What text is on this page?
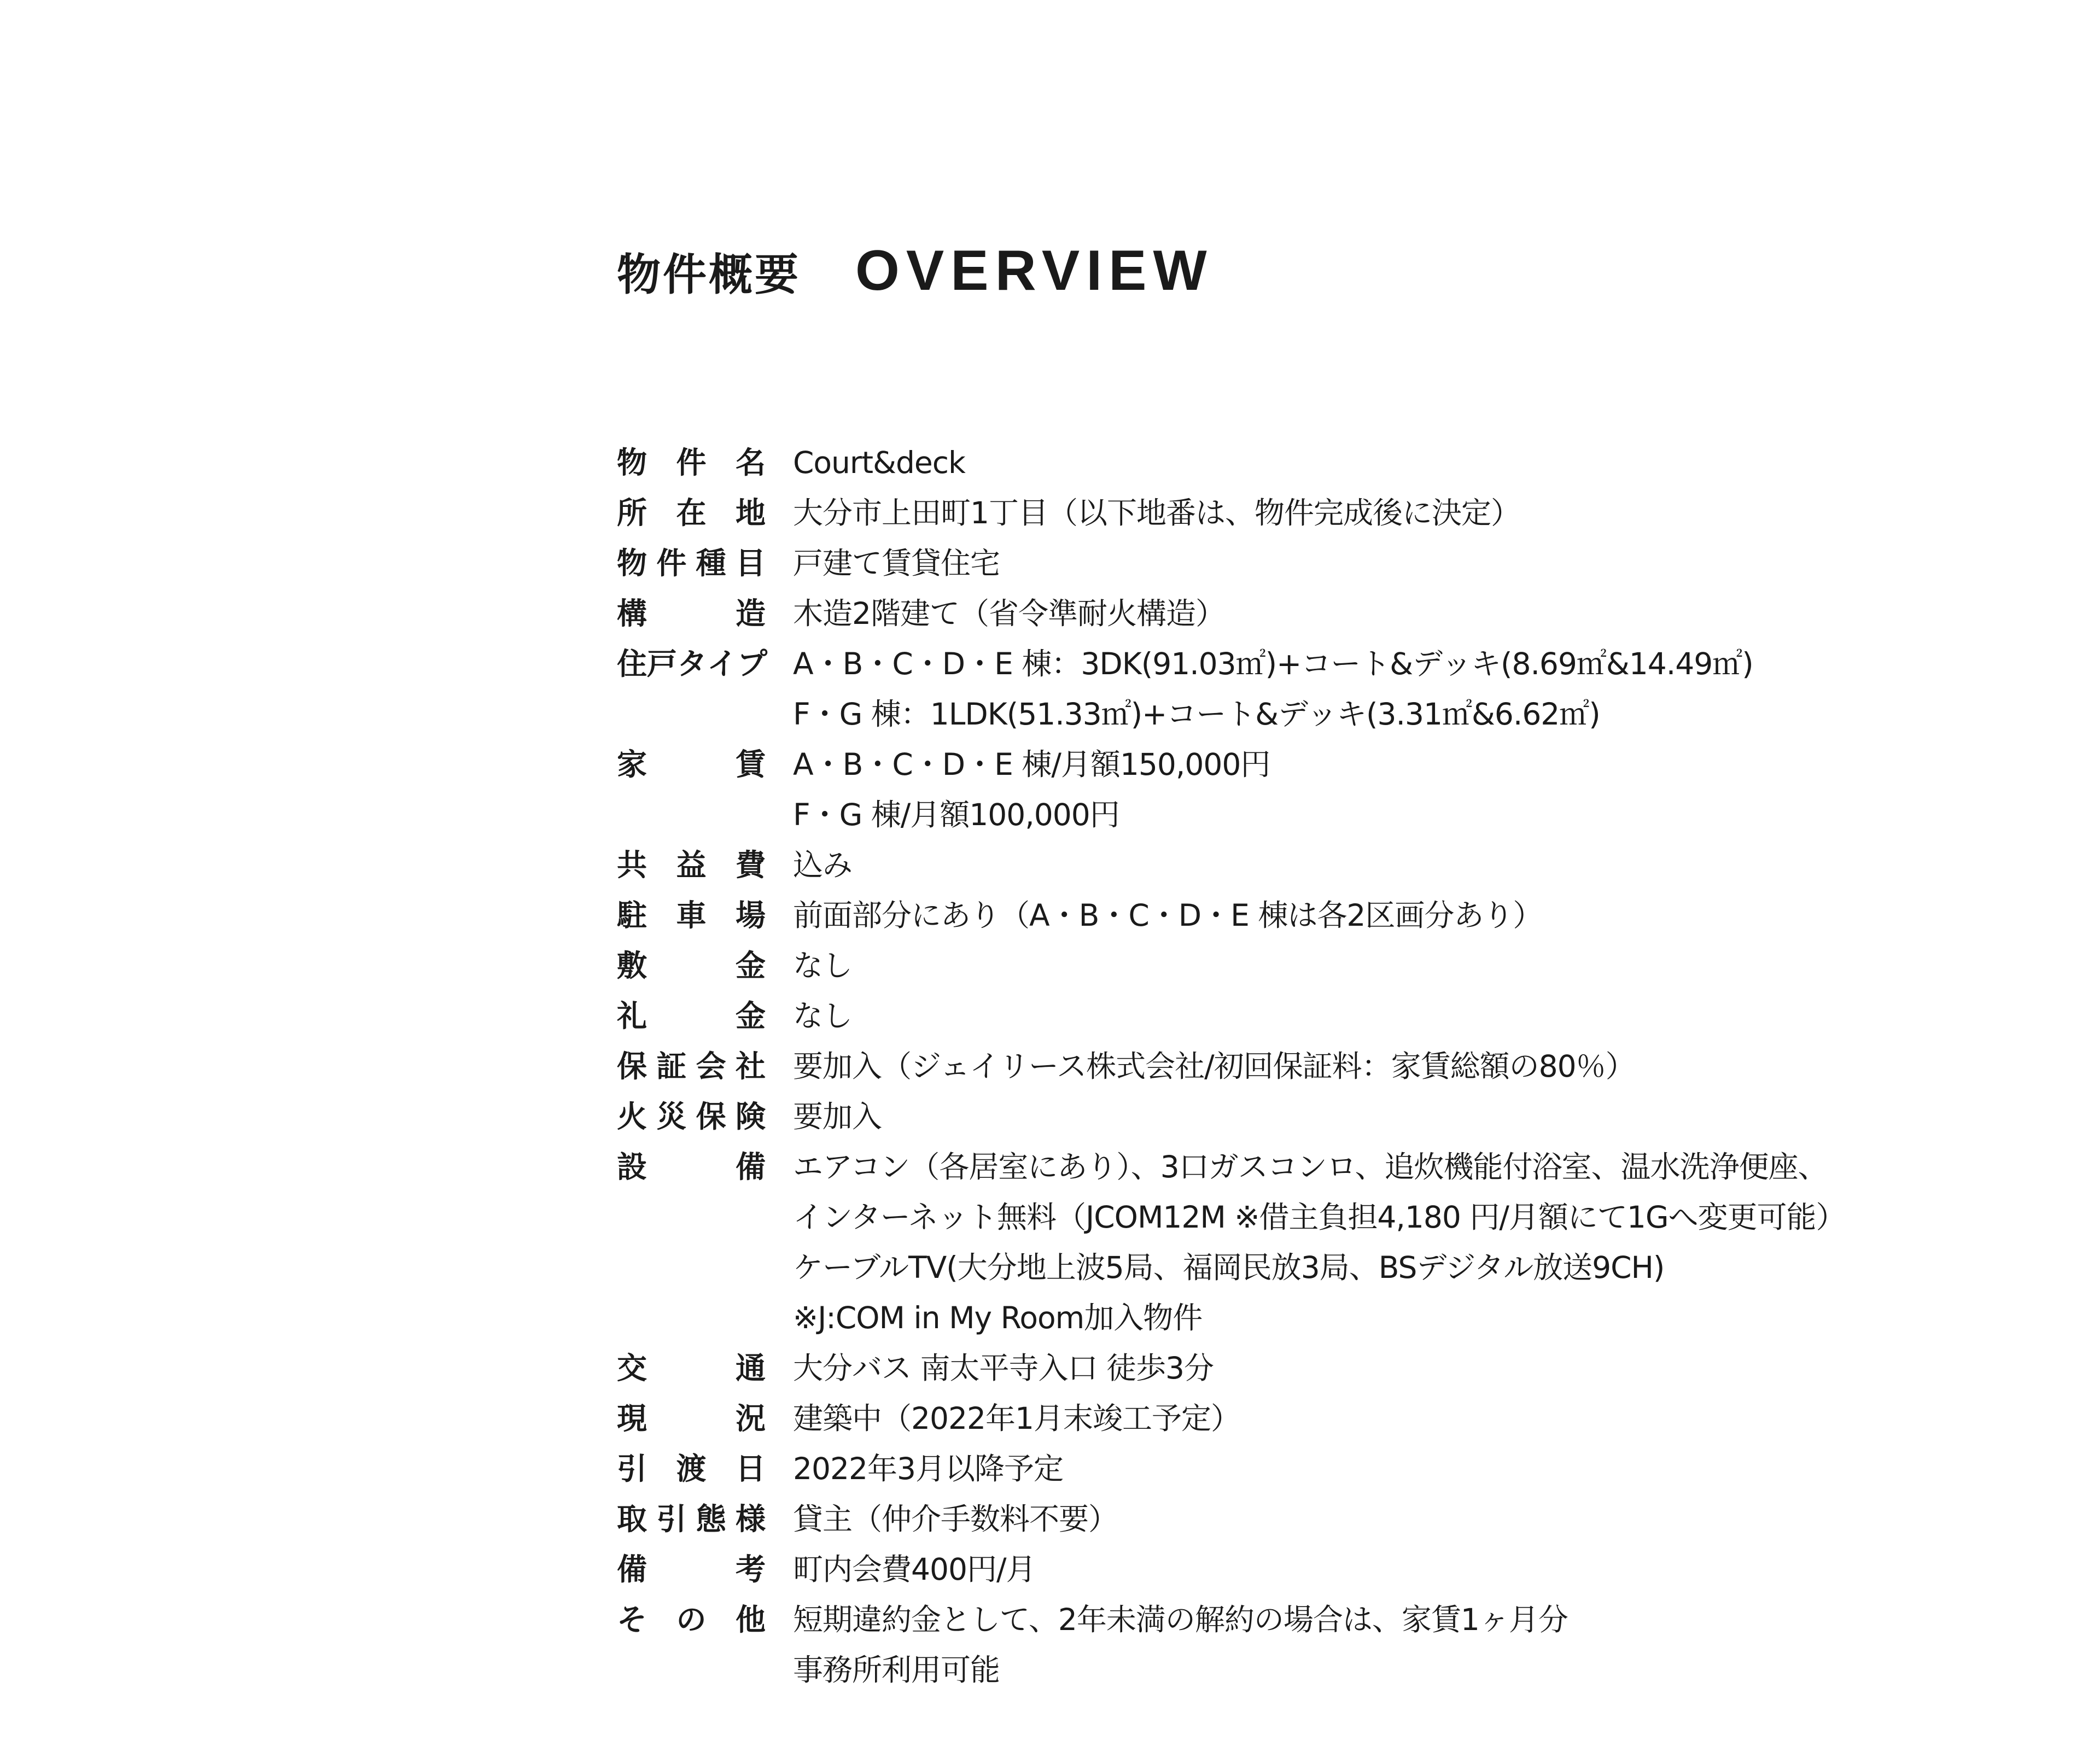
物件概要 OVERVIEW
物 件 名 Court&deck
所 在 地 大分市上田町1丁目（以下地番は、物件完成後に決定）
物 件 種 目 戸建て賃貸住宅
構	造 木造2階建て（省令準耐火構造）
住 戸 タ イ プ A・B・C・D・E 棟：3DK(91.03㎡)+コート&デッキ(8.69㎡&14.49㎡)
F・G 棟：1LDK(51.33㎡)+コート&デッキ(3.31㎡&6.62㎡)
家	賃 A・B・C・D・E 棟/月額150,000円
F・G 棟/月額100,000円
共 益 費 込み
駐 車 場 前面部分にあり（A・B・C・D・E 棟は各2区画分あり）
敷	金 なし
礼	金 なし
保 証 会 社 要加入（ジェイリース株式会社/初回保証料：家賃総額の80％）
火 災 保 険 要加入
設	備 エアコン（各居室にあり）、3口ガスコンロ、追炊機能付浴室、温水洗浄便座、
インターネット無料（JCOM12M ※借主負担4,180 円/月額にて1Gへ変更可能）
ケーブルTV(大分地上波5局、福岡民放3局、BSデジタル放送9CH)
※J:COM in My Room加入物件
交	通 大分バス 南太平寺入口 徒歩3分
現	況 建築中（2022年1月末竣工予定）
引 渡 日 2022年3月以降予定
取 引 態 様 貸主（仲介手数料不要）
備	考 町内会費400円/月
そ の 他 短期違約金として、2年未満の解約の場合は、家賃1ヶ月分
事務所利用可能
